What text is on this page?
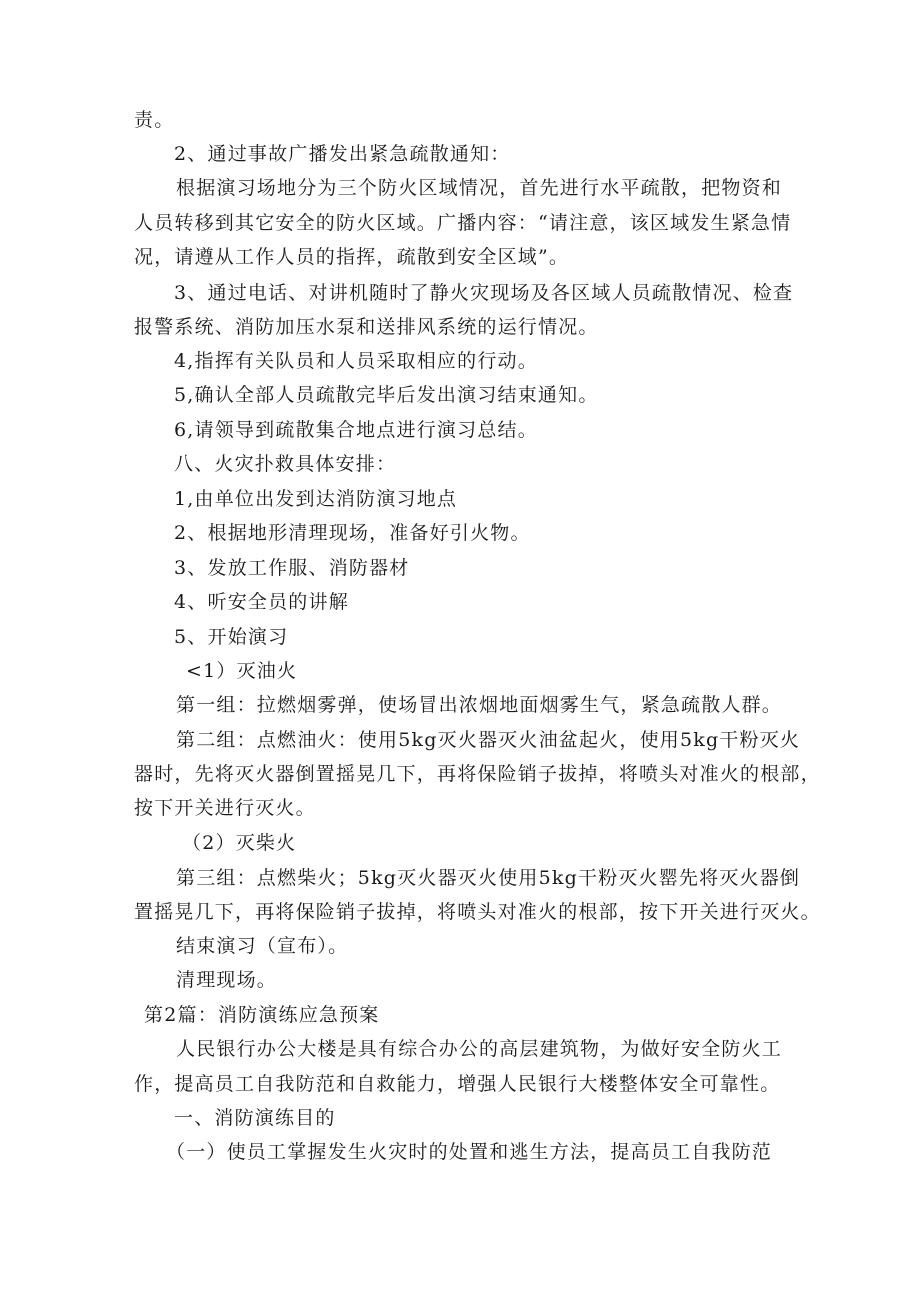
责。
2、通过事故广播发出紧急疏散通知：
根据演习场地分为三个防火区域情况，首先进行水平疏散，把物资和
人员转移到其它安全的防火区域。广播内容：“请注意，该区域发生紧急情
况，请遵从工作人员的指挥，疏散到安全区域”。
3、通过电话、对讲机随时了静火灾现场及各区域人员疏散情况、检查
报警系统、消防加压水泵和送排风系统的运行情况。
4,指挥有关队员和人员采取相应的行动。
5,确认全部人员疏散完毕后发出演习结束通知。
6,请领导到疏散集合地点进行演习总结。
八、火灾扑救具体安排：
1,由单位出发到达消防演习地点
2、根据地形清理现场，准备好引火物。
3、发放工作服、消防器材
4、听安全员的讲解
5、开始演习
<1）灭油火
第一组：拉燃烟雾弹，使场冒出浓烟地面烟雾生气，紧急疏散人群。
第二组：点燃油火：使用5kg灭火器灭火油盆起火，使用5kg干粉灭火
器时，先将灭火器倒置摇晃几下，再将保险销子拔掉，将喷头对准火的根部，
按下开关进行灭火。
（2）灭柴火
第三组：点燃柴火；5kg灭火器灭火使用5kg干粉灭火罂先将灭火器倒
置摇晃几下，再将保险销子拔掉，将喷头对准火的根部，按下开关进行灭火。
结束演习（宣布）。
清理现场。
第2篇：消防演练应急预案
人民银行办公大楼是具有综合办公的高层建筑物，为做好安全防火工
作，提高员工自我防范和自救能力，增强人民银行大楼整体安全可靠性。
一、消防演练目的
（一）使员工掌握发生火灾时的处置和逃生方法，提高员工自我防范
